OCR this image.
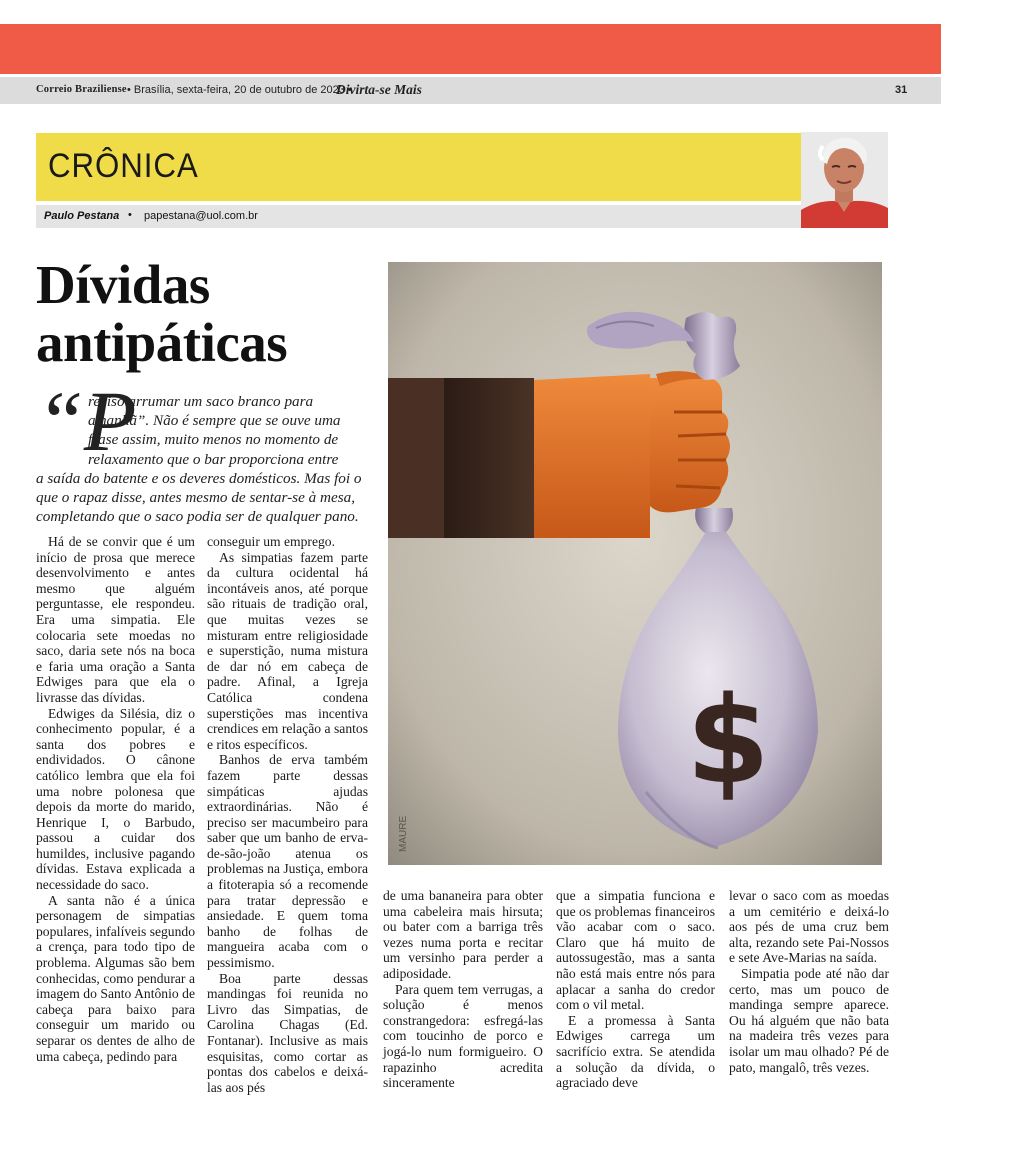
Correio Braziliense • Brasília, sexta-feira, 20 de outubro de 2023 •
Divirta-se Mais	31
CRÔNICA
Paulo Pestana • papestana@uol.com.br
Dívidas
antipáticas
“P
reciso arrumar um saco branco para
amanhã”. Não é sempre que se ouve uma
frase assim, muito menos no momento de
relaxamento que o bar proporciona entre
a saída do batente e os deveres domésticos. Mas foi o
que o rapaz disse, antes mesmo de sentar-se à mesa,
completando que o saco podia ser de qualquer pano.
$
MAURE

Há de se convir que é um início de prosa que merece desenvolvimento e antes mesmo que alguém perguntasse, ele respondeu. Era uma simpatia. Ele colocaria sete moedas no saco, daria sete nós na boca e faria uma oração a Santa Edwiges para que ela o livrasse das dívidas.

Edwiges da Silésia, diz o conhecimento popular, é a santa dos pobres e endividados. O cânone católico lembra que ela foi uma nobre polonesa que depois da morte do marido, Henrique I, o Barbudo, passou a cuidar dos humildes, inclusive pagando dívidas. Estava explicada a necessidade do saco.

A santa não é a única personagem de simpatias populares, infalíveis segundo a crença, para todo tipo de problema. Algumas são bem conhecidas, como pendurar a imagem do Santo Antônio de cabeça para baixo para conseguir um marido ou separar os dentes de alho de uma cabeça, pedindo para

conseguir um emprego.

As simpatias fazem parte da cultura ocidental há incontáveis anos, até porque são rituais de tradição oral, que muitas vezes se misturam entre religiosidade e superstição, numa mistura de dar nó em cabeça de padre. Afinal, a Igreja Católica condena superstições mas incentiva crendices em relação a santos e ritos específicos.

Banhos de erva também fazem parte dessas simpáticas ajudas extraordinárias. Não é preciso ser macumbeiro para saber que um banho de erva-de-são-joão atenua os problemas na Justiça, embora a fitoterapia só a recomende para tratar depressão e ansiedade. E quem toma banho de folhas de mangueira acaba com o pessimismo.

Boa parte dessas mandingas foi reunida no Livro das Simpatias, de Carolina Chagas (Ed. Fontanar). Inclusive as mais esquisitas, como cortar as pontas dos cabelos e deixá-las aos pés

de uma bananeira para obter uma cabeleira mais hirsuta; ou bater com a barriga três vezes numa porta e recitar um versinho para perder a adiposidade.

Para quem tem verrugas, a solução é menos constrangedora: esfregá-las com toucinho de porco e jogá-lo num formigueiro. O rapazinho acredita sinceramente

que a simpatia funciona e que os problemas financeiros vão acabar com o saco. Claro que há muito de autossugestão, mas a santa não está mais entre nós para aplacar a sanha do credor com o vil metal.

E a promessa à Santa Edwiges carrega um sacrifício extra. Se atendida a solução da dívida, o agraciado deve

levar o saco com as moedas a um cemitério e deixá-lo aos pés de uma cruz bem alta, rezando sete Pai-Nossos e sete Ave-Marias na saída.

Simpatia pode até não dar certo, mas um pouco de mandinga sempre aparece. Ou há alguém que não bata na madeira três vezes para isolar um mau olhado? Pé de pato, mangalô, três vezes.
